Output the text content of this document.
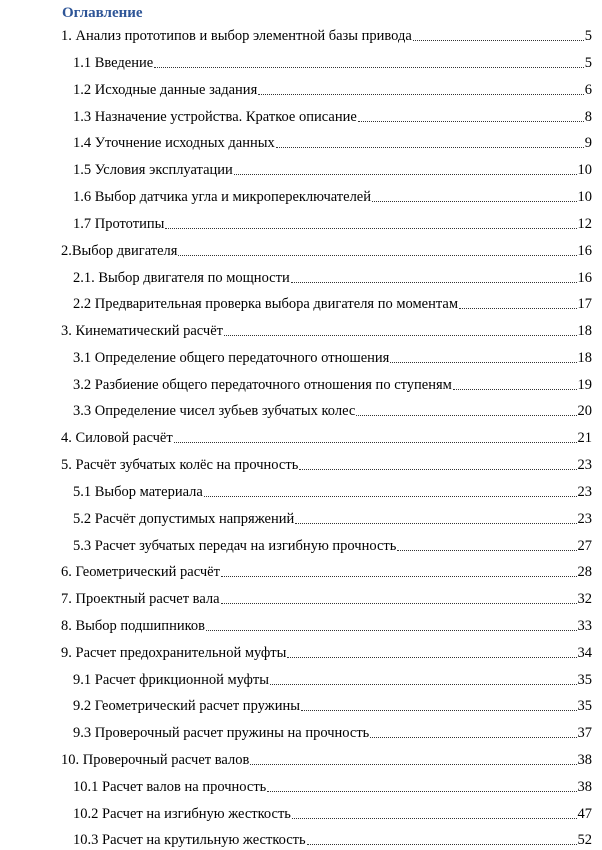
Оглавление
1. Анализ прототипов и выбор элементной базы привода	5
1.1 Введение	5
1.2 Исходные данные задания	6
1.3 Назначение устройства. Краткое описание	8
1.4 Уточнение исходных данных	9
1.5 Условия эксплуатации	10
1.6 Выбор датчика угла и микропереключателей	10
1.7 Прототипы	12
2.Выбор двигателя	16
2.1. Выбор двигателя по мощности	16
2.2 Предварительная проверка выбора двигателя по моментам	17
3. Кинематический расчёт	18
3.1 Определение общего передаточного отношения	18
3.2 Разбиение общего передаточного отношения по ступеням	19
3.3 Определение чисел зубьев зубчатых колес	20
4. Силовой расчёт	21
5. Расчёт зубчатых колёс на прочность	23
5.1 Выбор материала	23
5.2 Расчёт допустимых напряжений	23
5.3 Расчет зубчатых передач на изгибную прочность	27
6. Геометрический расчёт	28
7. Проектный расчет вала	32
8. Выбор подшипников	33
9. Расчет предохранительной муфты	34
9.1 Расчет фрикционной муфты	35
9.2 Геометрический расчет пружины	35
9.3 Проверочный расчет пружины на прочность	37
10. Проверочный расчет валов	38
10.1 Расчет валов на прочность	38
10.2 Расчет на изгибную жесткость	47
10.3 Расчет на крутильную жесткость	52
